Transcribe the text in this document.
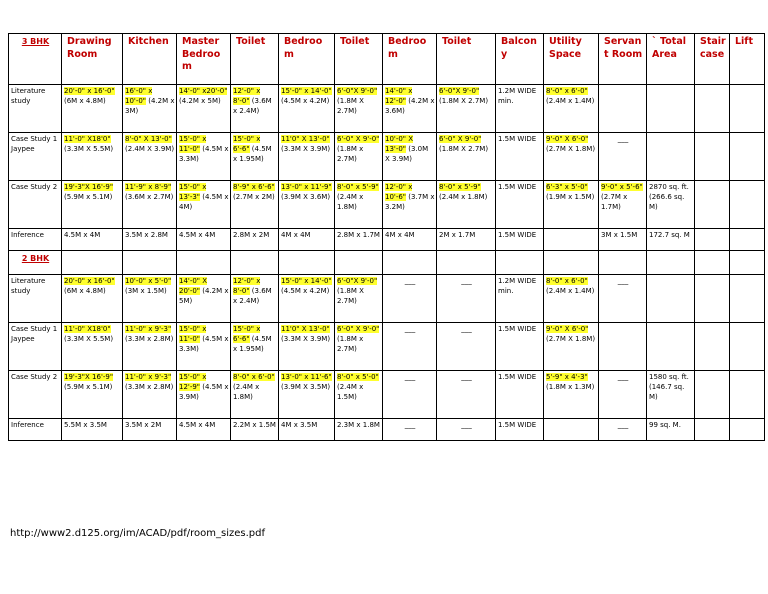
3 BHK	Drawing Room	Kitchen	Master Bedroom	Toilet	Bedroom	Toilet	Bedroom	Toilet	Balcony	Utility Space	Servant Room	` Total Area	Staircase	Lift
Literature study	20'-0" x 16'-0" (6M x 4.8M)	16'-0" x 10'-0" (4.2M x 3M)	14'-0" x20'-0" (4.2M x 5M)	12'-0" x 8'-0" (3.6M x 2.4M)	15'-0" x 14'-0" (4.5M x 4.2M)	6'-0"X 9'-0" (1.8M X 2.7M)	14'-0" x 12'-0" (4.2M x 3.6M)	6'-0"X 9'-0" (1.8M X 2.7M)	1.2M WIDE min.	8'-0" x 6'-0" (2.4M x 1.4M)				
Case Study 1 Jaypee	11'-0" X18'0" (3.3M X 5.5M)	8'-0" X 13'-0" (2.4M X 3.9M)	15'-0" x 11'-0" (4.5M x 3.3M)	15'-0" x 6'-6" (4.5M x 1.95M)	11'0" X 13'-0" (3.3M X 3.9M)	6'-0" X 9'-0" (1.8M x 2.7M)	10'-0" X 13'-0" (3.0M X 3.9M)	6'-0" X 9'-0" (1.8M X 2.7M)	1.5M WIDE	9'-0" X 6'-0" (2.7M X 1.8M)	___			

Case Study 2	19'-3"X 16'-9" (5.9M x 5.1M)	11'-9" x 8'-9" (3.6M x 2.7M)	15'-0" x 13'-3" (4.5M x 4M)	8'-9" x 6'-6" (2.7M x 2M)	13'-0" x 11'-9" (3.9M X 3.6M)	8'-0" x 5'-9" (2.4M x 1.8M)	12'-0" x 10'-6" (3.7M x 3.2M)	8'-0" x 5'-9" (2.4M x 1.8M)	1.5M WIDE	6'-3" x 5'-0" (1.9M x 1.5M)	9'-0" x 5'-6" (2.7M x 1.7M)	2870 sq. ft. (266.6 sq. M)		
Inference	4.5M x 4M	3.5M x 2.8M	4.5M x 4M	2.8M x 2M	4M x 4M	2.8M x 1.7M	4M x 4M	2M x 1.7M	1.5M WIDE		3M x 1.5M	172.7 sq. M		
2 BHK														
Literature study	20'-0" x 16'-0" (6M x 4.8M)	10'-0" x 5'-0" (3M x 1.5M)	14'-0" X 20'-0" (4.2M x 5M)	12'-0" x 8'-0" (3.6M x 2.4M)	15'-0" x 14'-0" (4.5M x 4.2M)	6'-0"X 9'-0" (1.8M X 2.7M)	___	___	1.2M WIDE min.	8'-0" x 6'-0" (2.4M x 1.4M)	___			

Case Study 1 Jaypee	11'-0" X18'0" (3.3M X 5.5M)	11'-0" x 9'-3" (3.3M x 2.8M)	15'-0" x 11'-0" (4.5M x 3.3M)	15'-0" x 6'-6" (4.5M x 1.95M)	11'0" X 13'-0" (3.3M X 3.9M)	6'-0" X 9'-0" (1.8M x 2.7M)	___	___	1.5M WIDE	9'-0" X 6'-0" (2.7M X 1.8M)				
Case Study 2	19'-3"X 16'-9" (5.9M x 5.1M)	11'-0" x 9'-3" (3.3M x 2.8M)	15'-0" x 12'-9" (4.5M x 3.9M)	8'-0" x 6'-0" (2.4M x 1.8M)	13'-0" x 11'-6" (3.9M X 3.5M)	8'-0" x 5'-0" (2.4M x 1.5M)	___	___	1.5M WIDE	5'-9" x 4'-3" (1.8M x 1.3M)	___	1580 sq. ft. (146.7 sq. M)		
Inference	5.5M x 3.5M	3.5M x 2M	4.5M x 4M	2.2M x 1.5M	4M x 3.5M	2.3M x 1.8M	___	___	1.5M WIDE		___	99 sq. M.		
http://www2.d125.org/im/ACAD/pdf/room_sizes.pdf
